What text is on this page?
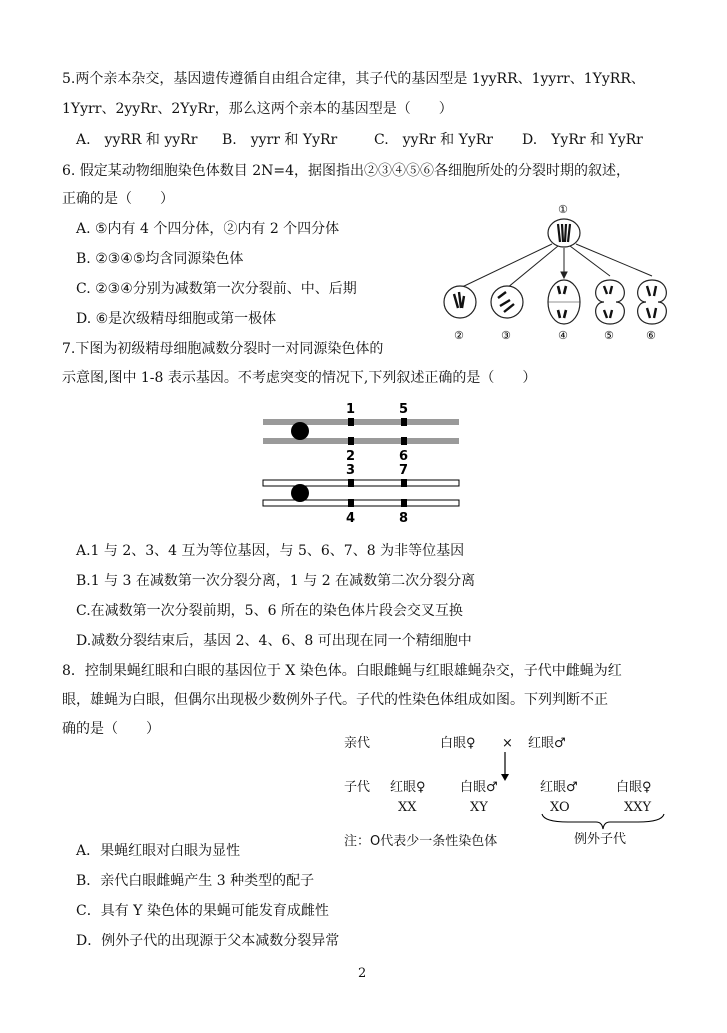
5.两个亲本杂交，基因遗传遵循自由组合定律，其子代的基因型是 1yyRR、1yyrr、1YyRR、
1Yyrr、2yyRr、2YyRr，那么这两个亲本的基因型是（　　）
A.　yyRR 和 yyRr B.　yyrr 和 YyRr	C.　yyRr 和 YyRr D.　YyRr 和 YyRr
6. 假定某动物细胞染色体数目 2N=4，据图指出②③④⑤⑥各细胞所处的分裂时期的叙述，
正确的是（　　）
A. ⑤内有 4 个四分体，②内有 2 个四分体
B. ②③④⑤均含同源染色体
C. ②③④分别为减数第一次分裂前、中、后期
D. ⑥是次级精母细胞或第一极体
①
②	③	④	⑤	⑥
7.下图为初级精母细胞减数分裂时一对同源染色体的
示意图,图中 1-8 表示基因。不考虑突变的情况下,下列叙述正确的是（　　）
1	5
2	6
3	7
4	8
A.1 与 2、3、4 互为等位基因，与 5、6、7、8 为非等位基因
B.1 与 3 在减数第一次分裂分离，1 与 2 在减数第二次分裂分离
C.在减数第一次分裂前期，5、6 所在的染色体片段会交叉互换
D.减数分裂结束后，基因 2、4、6、8 可出现在同一个精细胞中
8．控制果蝇红眼和白眼的基因位于 X 染色体。白眼雌蝇与红眼雄蝇杂交，子代中雌蝇为红
眼，雄蝇为白眼，但偶尔出现极少数例外子代。子代的性染色体组成如图。下列判断不正
确的是（　　）
亲代	白眼♀ × 红眼♂
子代 红眼♀	白眼♂	红眼♂	白眼♀
XX	XY	XO	XXY
注：O代表少一条性染色体	例外子代
A．果蝇红眼对白眼为显性
B．亲代白眼雌蝇产生 3 种类型的配子
C．具有 Y 染色体的果蝇可能发育成雌性
D．例外子代的出现源于父本减数分裂异常
2
